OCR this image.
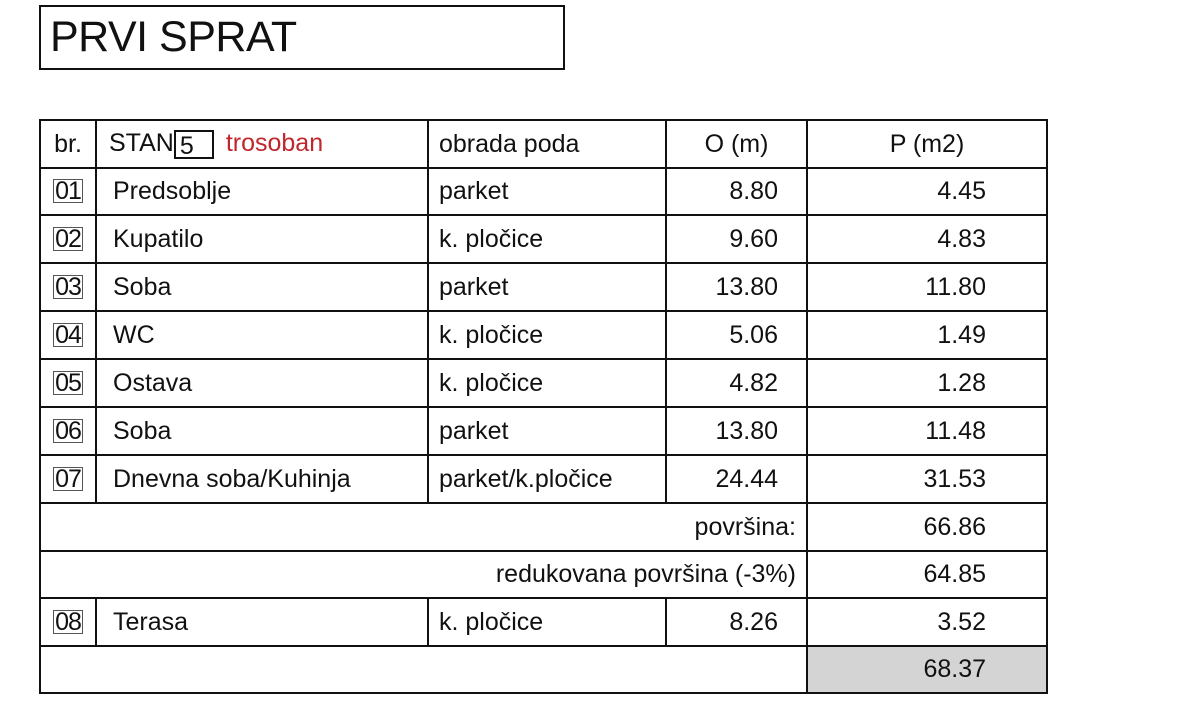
PRVI SPRAT
br.	STAN 5 trosoban	obrada poda	O (m)	P (m2)
01	Predsoblje	parket	8.80	4.45
02	Kupatilo	k. pločice	9.60	4.83
03	Soba	parket	13.80	11.80
04	WC	k. pločice	5.06	1.49
05	Ostava	k. pločice	4.82	1.28
06	Soba	parket	13.80	11.48
07	Dnevna soba/Kuhinja	parket/k.pločice	24.44	31.53
površina:				66.86
redukovana površina (-3%)				64.85
08	Terasa	k. pločice	8.26	3.52
				68.37
